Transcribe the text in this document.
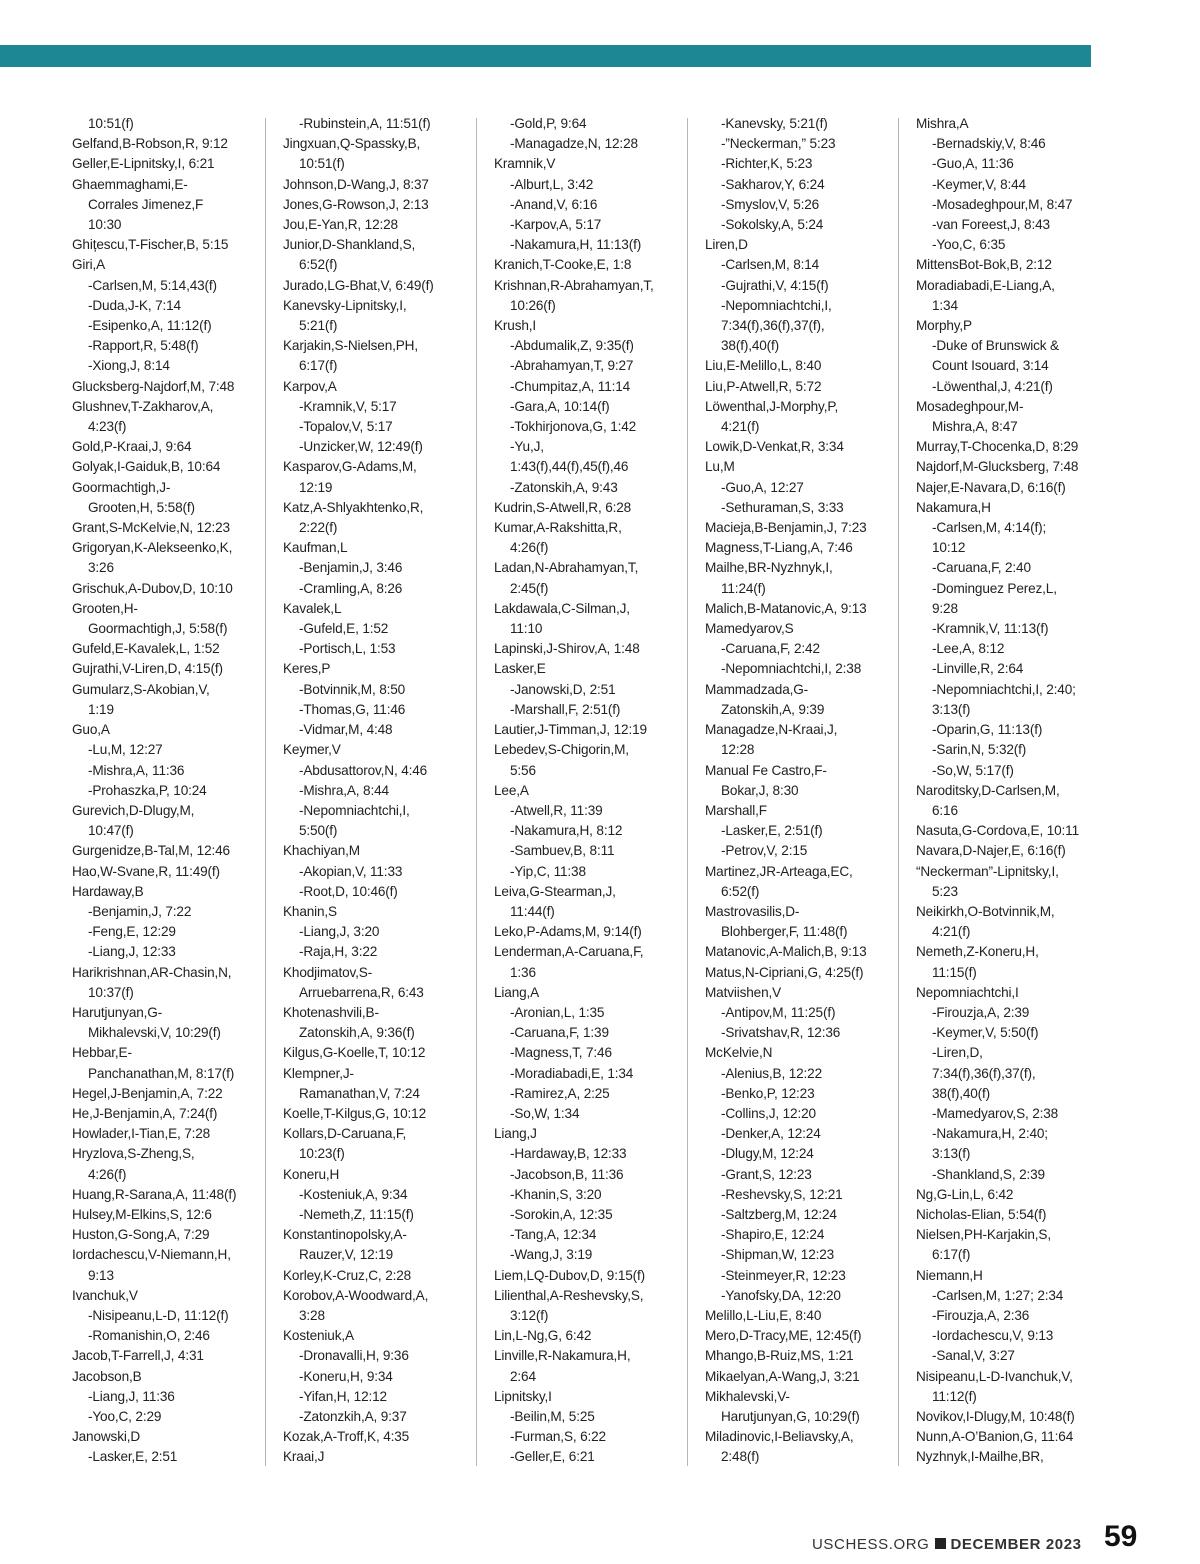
10:51(f)
Gelfand,B-Robson,R, 9:12
Geller,E-Lipnitsky,I, 6:21
Ghaemmaghami,E-
Corrales Jimenez,F
10:30
Ghițescu,T-Fischer,B, 5:15
Giri,A
-Carlsen,M, 5:14,43(f)
-Duda,J-K, 7:14
-Esipenko,A, 11:12(f)
-Rapport,R, 5:48(f)
-Xiong,J, 8:14
Glucksberg-Najdorf,M, 7:48
Glushnev,T-Zakharov,A,
4:23(f)
Gold,P-Kraai,J, 9:64
Golyak,I-Gaiduk,B, 10:64
Goormachtigh,J-
Grooten,H, 5:58(f)
Grant,S-McKelvie,N, 12:23
Grigoryan,K-Alekseenko,K,
3:26
Grischuk,A-Dubov,D, 10:10
Grooten,H-
Goormachtigh,J, 5:58(f)
Gufeld,E-Kavalek,L, 1:52
Gujrathi,V-Liren,D, 4:15(f)
Gumularz,S-Akobian,V,
1:19
Guo,A
-Lu,M, 12:27
-Mishra,A, 11:36
-Prohaszka,P, 10:24
Gurevich,D-Dlugy,M,
10:47(f)
Gurgenidze,B-Tal,M, 12:46
Hao,W-Svane,R, 11:49(f)
Hardaway,B
-Benjamin,J, 7:22
-Feng,E, 12:29
-Liang,J, 12:33
Harikrishnan,AR-Chasin,N,
10:37(f)
Harutjunyan,G-
Mikhalevski,V, 10:29(f)
Hebbar,E-
Panchanathan,M, 8:17(f)
Hegel,J-Benjamin,A, 7:22
He,J-Benjamin,A, 7:24(f)
Howlader,I-Tian,E, 7:28
Hryzlova,S-Zheng,S,
4:26(f)
Huang,R-Sarana,A, 11:48(f)
Hulsey,M-Elkins,S, 12:6
Huston,G-Song,A, 7:29
Iordachescu,V-Niemann,H,
9:13
Ivanchuk,V
-Nisipeanu,L-D, 11:12(f)
-Romanishin,O, 2:46
Jacob,T-Farrell,J, 4:31
Jacobson,B
-Liang,J, 11:36
-Yoo,C, 2:29
Janowski,D
-Lasker,E, 2:51
-Rubinstein,A, 11:51(f)
Jingxuan,Q-Spassky,B,
10:51(f)
Johnson,D-Wang,J, 8:37
Jones,G-Rowson,J, 2:13
Jou,E-Yan,R, 12:28
Junior,D-Shankland,S,
6:52(f)
Jurado,LG-Bhat,V, 6:49(f)
Kanevsky-Lipnitsky,I,
5:21(f)
Karjakin,S-Nielsen,PH,
6:17(f)
Karpov,A
-Kramnik,V, 5:17
-Topalov,V, 5:17
-Unzicker,W, 12:49(f)
Kasparov,G-Adams,M,
12:19
Katz,A-Shlyakhtenko,R,
2:22(f)
Kaufman,L
-Benjamin,J, 3:46
-Cramling,A, 8:26
Kavalek,L
-Gufeld,E, 1:52
-Portisch,L, 1:53
Keres,P
-Botvinnik,M, 8:50
-Thomas,G, 11:46
-Vidmar,M, 4:48
Keymer,V
-Abdusattorov,N, 4:46
-Mishra,A, 8:44
-Nepomniachtchi,I,
5:50(f)
Khachiyan,M
-Akopian,V, 11:33
-Root,D, 10:46(f)
Khanin,S
-Liang,J, 3:20
-Raja,H, 3:22
Khodjimatov,S-
Arruebarrena,R, 6:43
Khotenashvili,B-
Zatonskih,A, 9:36(f)
Kilgus,G-Koelle,T, 10:12
Klempner,J-
Ramanathan,V, 7:24
Koelle,T-Kilgus,G, 10:12
Kollars,D-Caruana,F,
10:23(f)
Koneru,H
-Kosteniuk,A, 9:34
-Nemeth,Z, 11:15(f)
Konstantinopolsky,A-
Rauzer,V, 12:19
Korley,K-Cruz,C, 2:28
Korobov,A-Woodward,A,
3:28
Kosteniuk,A
-Dronavalli,H, 9:36
-Koneru,H, 9:34
-Yifan,H, 12:12
-Zatonzkih,A, 9:37
Kozak,A-Troff,K, 4:35
Kraai,J
-Gold,P, 9:64
-Managadze,N, 12:28
Kramnik,V
-Alburt,L, 3:42
-Anand,V, 6:16
-Karpov,A, 5:17
-Nakamura,H, 11:13(f)
Kranich,T-Cooke,E, 1:8
Krishnan,R-Abrahamyan,T,
10:26(f)
Krush,I
-Abdumalik,Z, 9:35(f)
-Abrahamyan,T, 9:27
-Chumpitaz,A, 11:14
-Gara,A, 10:14(f)
-Tokhirjonova,G, 1:42
-Yu,J,
1:43(f),44(f),45(f),46
-Zatonskih,A, 9:43
Kudrin,S-Atwell,R, 6:28
Kumar,A-Rakshitta,R,
4:26(f)
Ladan,N-Abrahamyan,T,
2:45(f)
Lakdawala,C-Silman,J,
11:10
Lapinski,J-Shirov,A, 1:48
Lasker,E
-Janowski,D, 2:51
-Marshall,F, 2:51(f)
Lautier,J-Timman,J, 12:19
Lebedev,S-Chigorin,M,
5:56
Lee,A
-Atwell,R, 11:39
-Nakamura,H, 8:12
-Sambuev,B, 8:11
-Yip,C, 11:38
Leiva,G-Stearman,J,
11:44(f)
Leko,P-Adams,M, 9:14(f)
Lenderman,A-Caruana,F,
1:36
Liang,A
-Aronian,L, 1:35
-Caruana,F, 1:39
-Magness,T, 7:46
-Moradiabadi,E, 1:34
-Ramirez,A, 2:25
-So,W, 1:34
Liang,J
-Hardaway,B, 12:33
-Jacobson,B, 11:36
-Khanin,S, 3:20
-Sorokin,A, 12:35
-Tang,A, 12:34
-Wang,J, 3:19
Liem,LQ-Dubov,D, 9:15(f)
Lilienthal,A-Reshevsky,S,
3:12(f)
Lin,L-Ng,G, 6:42
Linville,R-Nakamura,H,
2:64
Lipnitsky,I
-Beilin,M, 5:25
-Furman,S, 6:22
-Geller,E, 6:21
-Kanevsky, 5:21(f)
-”Neckerman,” 5:23
-Richter,K, 5:23
-Sakharov,Y, 6:24
-Smyslov,V, 5:26
-Sokolsky,A, 5:24
Liren,D
-Carlsen,M, 8:14
-Gujrathi,V, 4:15(f)
-Nepomniachtchi,I,
7:34(f),36(f),37(f),
38(f),40(f)
Liu,E-Melillo,L, 8:40
Liu,P-Atwell,R, 5:72
Löwenthal,J-Morphy,P,
4:21(f)
Lowik,D-Venkat,R, 3:34
Lu,M
-Guo,A, 12:27
-Sethuraman,S, 3:33
Macieja,B-Benjamin,J, 7:23
Magness,T-Liang,A, 7:46
Mailhe,BR-Nyzhnyk,I,
11:24(f)
Malich,B-Matanovic,A, 9:13
Mamedyarov,S
-Caruana,F, 2:42
-Nepomniachtchi,I, 2:38
Mammadzada,G-
Zatonskih,A, 9:39
Managadze,N-Kraai,J,
12:28
Manual Fe Castro,F-
Bokar,J, 8:30
Marshall,F
-Lasker,E, 2:51(f)
-Petrov,V, 2:15
Martinez,JR-Arteaga,EC,
6:52(f)
Mastrovasilis,D-
Blohberger,F, 11:48(f)
Matanovic,A-Malich,B, 9:13
Matus,N-Cipriani,G, 4:25(f)
Matviishen,V
-Antipov,M, 11:25(f)
-Srivatshav,R, 12:36
McKelvie,N
-Alenius,B, 12:22
-Benko,P, 12:23
-Collins,J, 12:20
-Denker,A, 12:24
-Dlugy,M, 12:24
-Grant,S, 12:23
-Reshevsky,S, 12:21
-Saltzberg,M, 12:24
-Shapiro,E, 12:24
-Shipman,W, 12:23
-Steinmeyer,R, 12:23
-Yanofsky,DA, 12:20
Melillo,L-Liu,E, 8:40
Mero,D-Tracy,ME, 12:45(f)
Mhango,B-Ruiz,MS, 1:21
Mikaelyan,A-Wang,J, 3:21
Mikhalevski,V-
Harutjunyan,G, 10:29(f)
Miladinovic,I-Beliavsky,A,
2:48(f)
Mishra,A
-Bernadskiy,V, 8:46
-Guo,A, 11:36
-Keymer,V, 8:44
-Mosadeghpour,M, 8:47
-van Foreest,J, 8:43
-Yoo,C, 6:35
MittensBot-Bok,B, 2:12
Moradiabadi,E-Liang,A,
1:34
Morphy,P
-Duke of Brunswick &
Count Isouard, 3:14
-Löwenthal,J, 4:21(f)
Mosadeghpour,M-
Mishra,A, 8:47
Murray,T-Chocenka,D, 8:29
Najdorf,M-Glucksberg, 7:48
Najer,E-Navara,D, 6:16(f)
Nakamura,H
-Carlsen,M, 4:14(f);
10:12
-Caruana,F, 2:40
-Dominguez Perez,L,
9:28
-Kramnik,V, 11:13(f)
-Lee,A, 8:12
-Linville,R, 2:64
-Nepomniachtchi,I, 2:40;
3:13(f)
-Oparin,G, 11:13(f)
-Sarin,N, 5:32(f)
-So,W, 5:17(f)
Naroditsky,D-Carlsen,M,
6:16
Nasuta,G-Cordova,E, 10:11
Navara,D-Najer,E, 6:16(f)
“Neckerman”-Lipnitsky,I,
5:23
Neikirkh,O-Botvinnik,M,
4:21(f)
Nemeth,Z-Koneru,H,
11:15(f)
Nepomniachtchi,I
-Firouzja,A, 2:39
-Keymer,V, 5:50(f)
-Liren,D,
7:34(f),36(f),37(f),
38(f),40(f)
-Mamedyarov,S, 2:38
-Nakamura,H, 2:40;
3:13(f)
-Shankland,S, 2:39
Ng,G-Lin,L, 6:42
Nicholas-Elian, 5:54(f)
Nielsen,PH-Karjakin,S,
6:17(f)
Niemann,H
-Carlsen,M, 1:27; 2:34
-Firouzja,A, 2:36
-Iordachescu,V, 9:13
-Sanal,V, 3:27
Nisipeanu,L-D-Ivanchuk,V,
11:12(f)
Novikov,I-Dlugy,M, 10:48(f)
Nunn,A-O’Banion,G, 11:64
Nyzhnyk,I-Mailhe,BR,
USCHESS.ORG DECEMBER 2023 59
